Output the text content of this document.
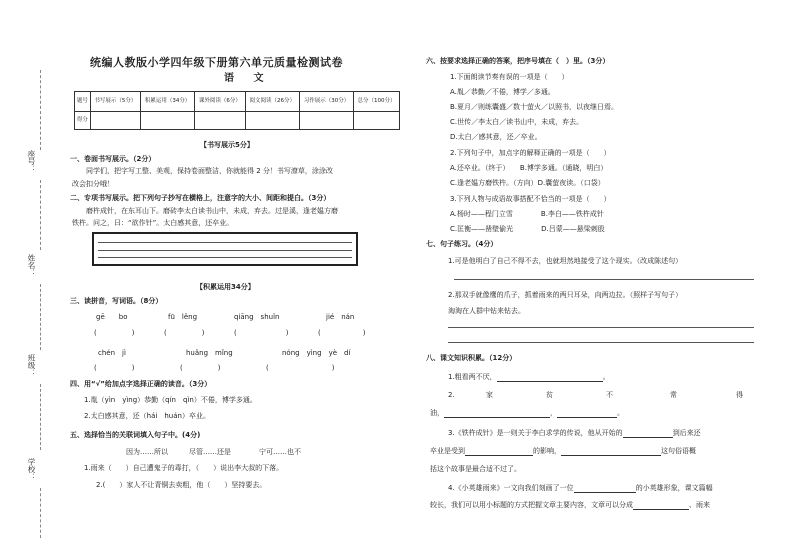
座号：
姓名：
班级：
学校：
统编人教版小学四年级下册第六单元质量检测试卷
语 文
题号	书写展示（5分）	积累运用（34分）	课外阅读（6分）	阅文阅读（26分）	习作展示（30分）	总分（100分）
得分						
【书写展示5分】
一、卷面书写展示。（2分）
同学们，把字写工整、美观，保持卷面整洁，你就能得 2 分！书写潦草，涂涂改
改会扣分哦！
二、专项书写展示。把下列句子抄写在横格上，注意字的大小、间距和提白。（3分）
磨杵成针，在东耳山下。磨砖李太白读书山中，未成，弃去。过是溪，逢老媪方磨
铁杵。问之，曰：“欲作针”。太白感其意，还卒业。
【积累运用34分】
三、读拼音，写词语。（8分）
gē　　bo	fū　lěng	qiāng　shuǐn	jié　nán
(　　　　　)	(　　　　　)	(　　　　　　　)	(　　　　　　)
chén　jì	huǎng　mǐng	nóng　yìng　yè　dí
(　　　　　)	(　　　　　)	(　　　　　　　　　)
四、用“√”给加点字选择正确的读音。（3分）
1.胤（yìn　yìng）恭勤（qín　qìn）不倦，博学多通。
2.太白感其意，还（hái　huán）卒业。
五、选择恰当的关联词填入句子中。(4分)
因为……所以　　　尽管……还是　　　　宁可……也不
1.雨来（　　）自己遭鬼子的毒打，（　　）说出李大叔的下落。
2.(　　）家人不让青铜去卖粗，他（　　）坚持要去。
六、按要求选择正确的答案，把序号填在（　）里。（3分）
1.下面朗读节奏有误的一项是（　　）
A.胤／恭勤／不倦，博学／多通。
B.夏月／则练囊盛／数十萤火／以照书，以夜继日焉。
C.世传／李太白／读书山中，未成，弃去。
D.太白／感其意，还／卒业。
2.下列句子中，加点字的解释正确的一项是（　　）
A.还卒业。（终于）　　B.博学多通。（通晓，明白）
C.逢老媪方磨铁杵。（方向）D.囊萤夜读。（口袋）
3.下列人物与成语故事搭配不恰当的一项是（　　）
A.杨时——程门立雪　　　　B.李白——铁杵成针
C.匡衡——凿壁偷光　　　　D.吕蒙——悬梁刺股
七、句子练习。（4分）
1.可是他明白了自己不得不去，也就坦然地接受了这个现实。（改成陈述句）
2.那双手就像鹰的爪子，抓着雨来的两只耳朵，向两边拉。（照样子写句子）
淘淘在人群中钻来钻去。
八、课文知识积累。（12分）
1.粗看两不厌，	。
2.	家	贫	不	常	得
油，	，	。
3.《铁杵成针》是一则关于李白求学的传说，他从开始的	到后来还
卒业是受到	的影响，	这句俗语概
括这个故事是最合适不过了。
4.《小英雄雨来》一文向我们刻画了一位	的小英雄形象，课文篇幅
较长，我们可以用小标题的方式把握文章主要内容，文章可以分成	、雨来
